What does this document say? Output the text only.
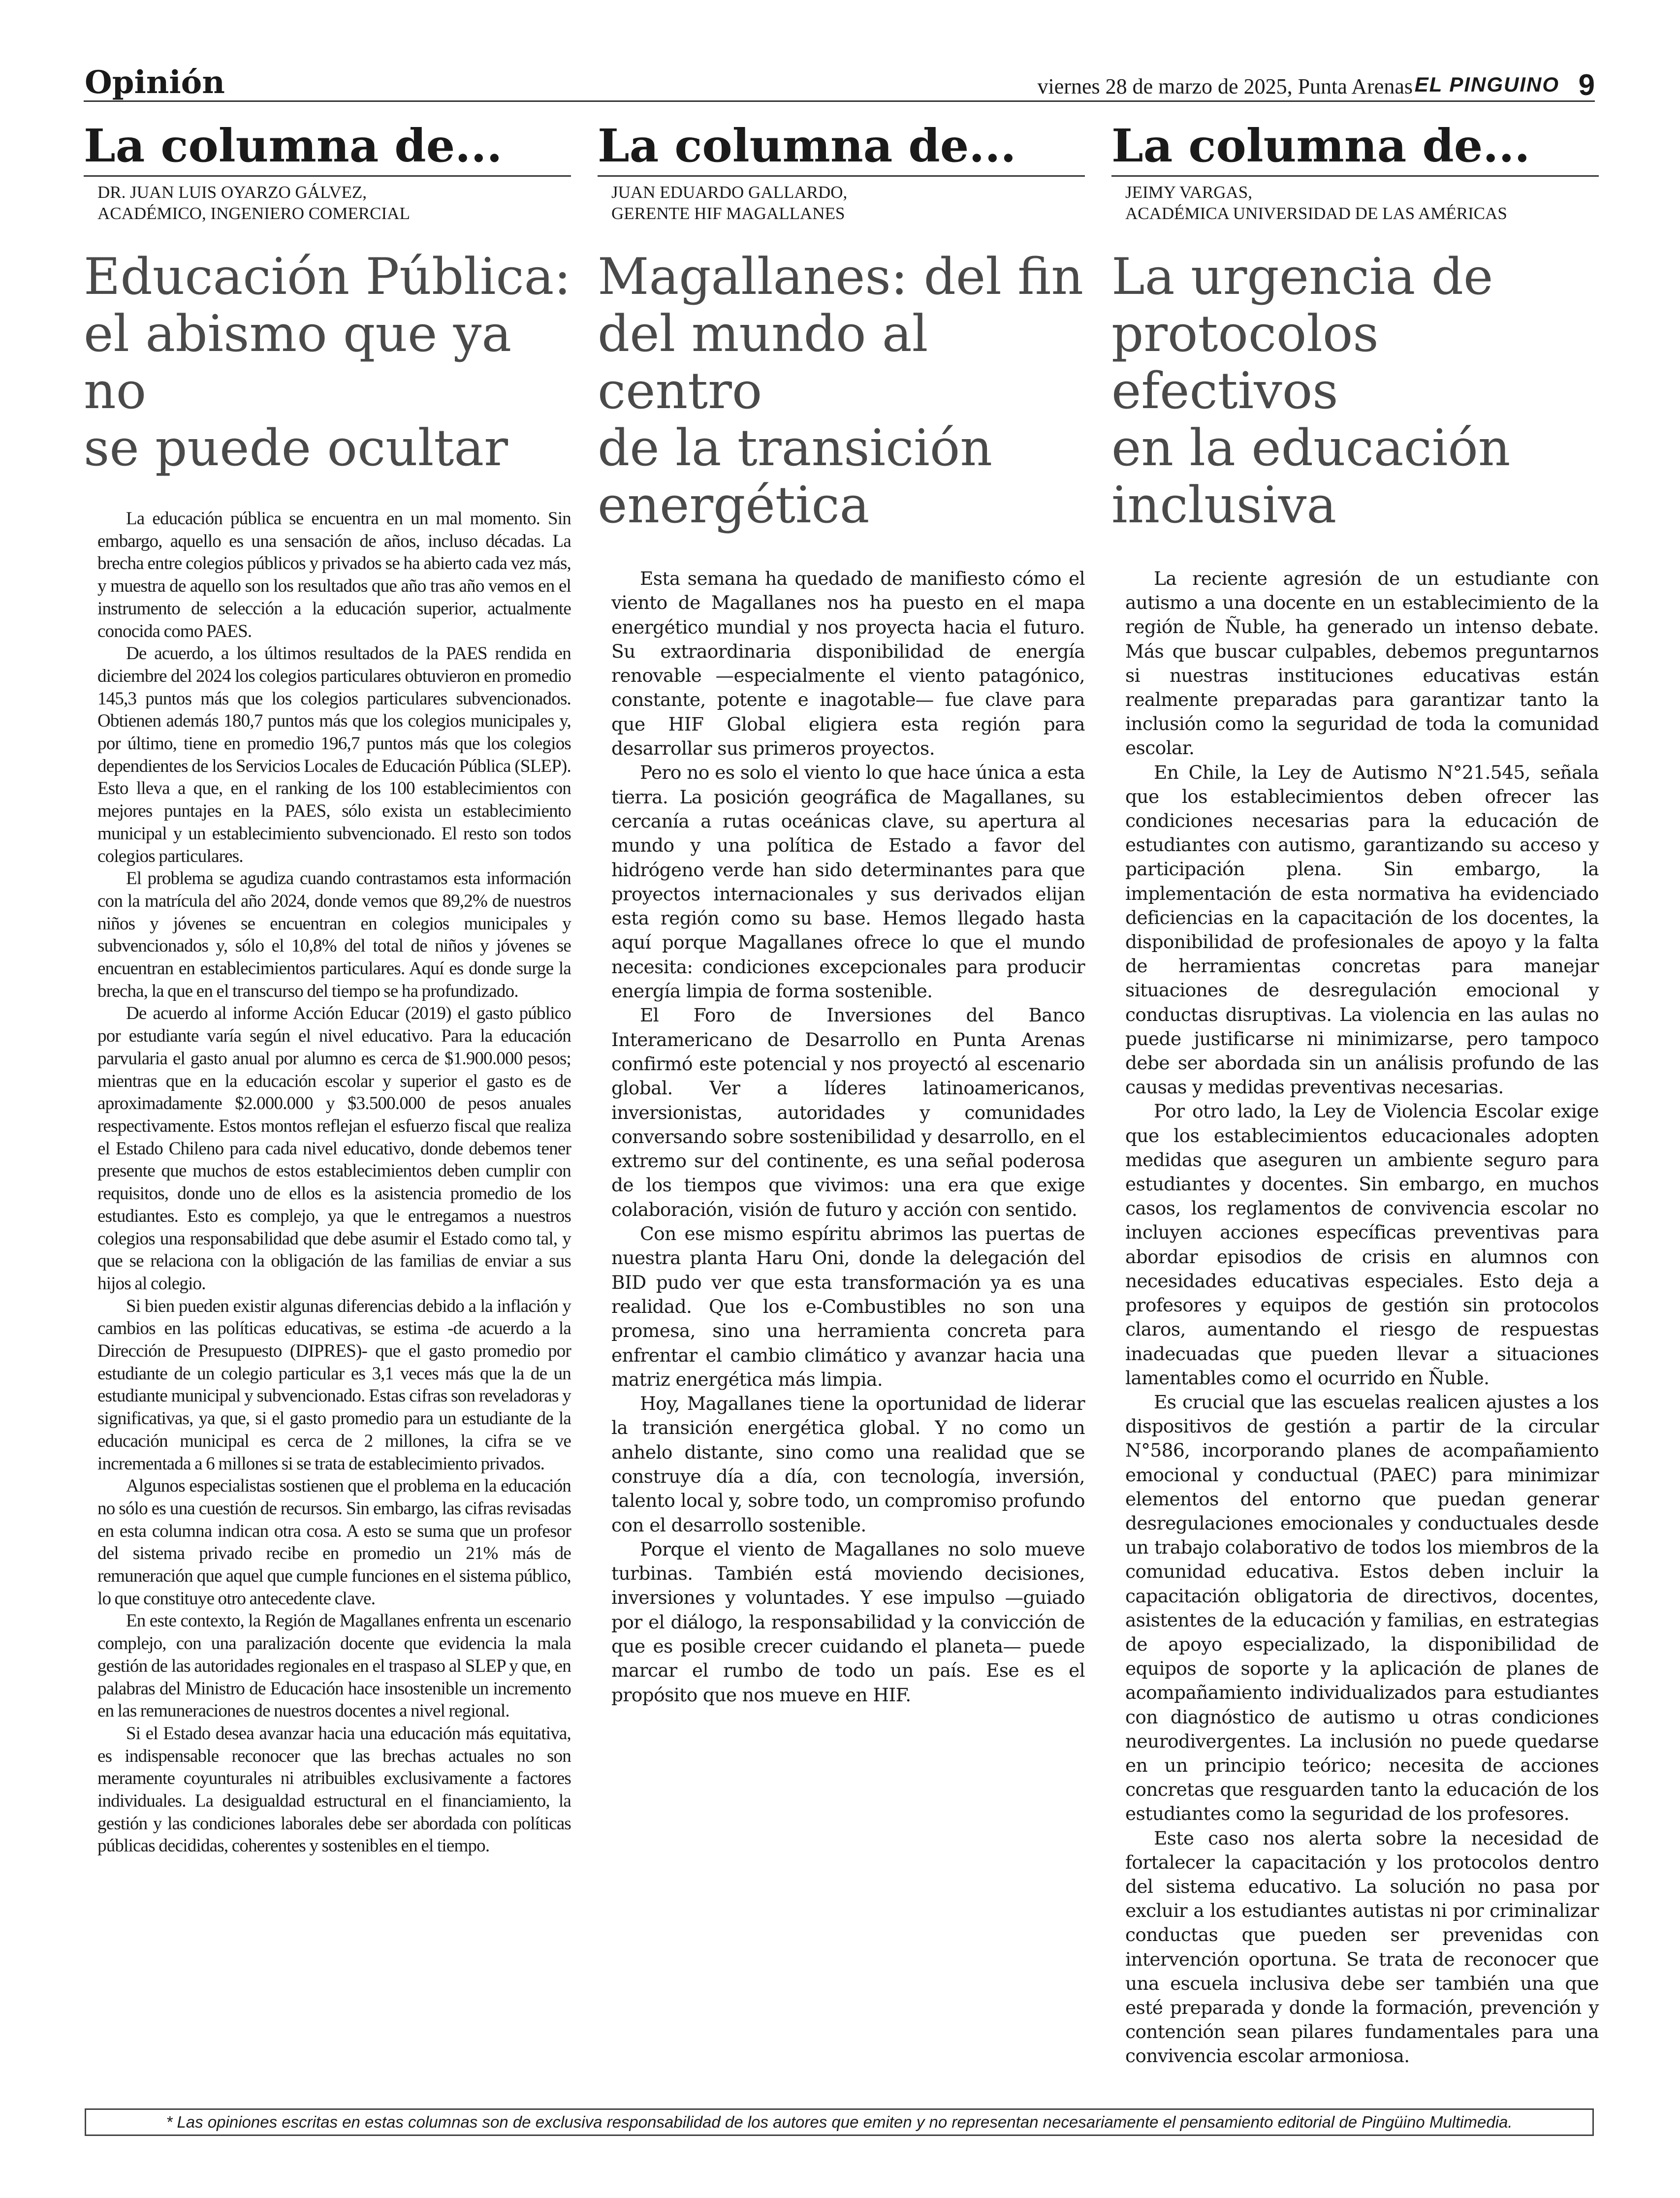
Opinión	viernes 28 de marzo de 2025, Punta Arenas EL PINGUINO 9
La columna de...
DR. JUAN LUIS OYARZO GÁLVEZ,
ACADÉMICO, INGENIERO COMERCIAL
Educación Pública:
el abismo que ya no
se puede ocultar

La educación pública se encuentra en un mal momento. Sin embargo, aquello es una sensación de años, incluso décadas. La brecha entre colegios públicos y privados se ha abierto cada vez más, y muestra de aquello son los resultados que año tras año vemos en el instrumento de selección a la educación superior, actualmente conocida como PAES.

De acuerdo, a los últimos resultados de la PAES rendida en diciembre del 2024 los colegios particulares obtuvieron en promedio 145,3 puntos más que los colegios particulares subvencionados. Obtienen además 180,7 puntos más que los colegios municipales y, por último, tiene en promedio 196,7 puntos más que los colegios dependientes de los Servicios Locales de Educación Pública (SLEP). Esto lleva a que, en el ranking de los 100 establecimientos con mejores puntajes en la PAES, sólo exista un establecimiento municipal y un establecimiento subvencionado. El resto son todos colegios particulares.

El problema se agudiza cuando contrastamos esta información con la matrícula del año 2024, donde vemos que 89,2% de nuestros niños y jóvenes se encuentran en colegios municipales y subvencionados y, sólo el 10,8% del total de niños y jóvenes se encuentran en establecimientos particulares. Aquí es donde surge la brecha, la que en el transcurso del tiempo se ha profundizado.

De acuerdo al informe Acción Educar (2019) el gasto público por estudiante varía según el nivel educativo. Para la educación parvularia el gasto anual por alumno es cerca de $1.900.000 pesos; mientras que en la educación escolar y superior el gasto es de aproximadamente $2.000.000 y $3.500.000 de pesos anuales respectivamente. Estos montos reflejan el esfuerzo fiscal que realiza el Estado Chileno para cada nivel educativo, donde debemos tener presente que muchos de estos establecimientos deben cumplir con requisitos, donde uno de ellos es la asistencia promedio de los estudiantes. Esto es complejo, ya que le entregamos a nuestros colegios una responsabilidad que debe asumir el Estado como tal, y que se relaciona con la obligación de las familias de enviar a sus hijos al colegio.

Si bien pueden existir algunas diferencias debido a la inflación y cambios en las políticas educativas, se estima -de acuerdo a la Dirección de Presupuesto (DIPRES)- que el gasto promedio por estudiante de un colegio particular es 3,1 veces más que la de un estudiante municipal y subvencionado. Estas cifras son reveladoras y significativas, ya que, si el gasto promedio para un estudiante de la educación municipal es cerca de 2 millones, la cifra se ve incrementada a 6 millones si se trata de establecimiento privados.

Algunos especialistas sostienen que el problema en la educación no sólo es una cuestión de recursos. Sin embargo, las cifras revisadas en esta columna indican otra cosa. A esto se suma que un profesor del sistema privado recibe en promedio un 21% más de remuneración que aquel que cumple funciones en el sistema público, lo que constituye otro antecedente clave.

En este contexto, la Región de Magallanes enfrenta un escenario complejo, con una paralización docente que evidencia la mala gestión de las autoridades regionales en el traspaso al SLEP y que, en palabras del Ministro de Educación hace insostenible un incremento en las remuneraciones de nuestros docentes a nivel regional.

Si el Estado desea avanzar hacia una educación más equitativa, es indispensable reconocer que las brechas actuales no son meramente coyunturales ni atribuibles exclusivamente a factores individuales. La desigualdad estructural en el financiamiento, la gestión y las condiciones laborales debe ser abordada con políticas públicas decididas, coherentes y sostenibles en el tiempo.

La columna de...
JUAN EDUARDO GALLARDO,
GERENTE HIF MAGALLANES
Magallanes: del fin
del mundo al centro
de la transición
energética

Esta semana ha quedado de manifiesto cómo el viento de Magallanes nos ha puesto en el mapa energético mundial y nos proyecta hacia el futuro. Su extraordinaria disponibilidad de energía renovable —especialmente el viento patagónico, constante, potente e inagotable— fue clave para que HIF Global eligiera esta región para desarrollar sus primeros proyectos.

Pero no es solo el viento lo que hace única a esta tierra. La posición geográfica de Magallanes, su cercanía a rutas oceánicas clave, su apertura al mundo y una política de Estado a favor del hidrógeno verde han sido determinantes para que proyectos internacionales y sus derivados elijan esta región como su base. Hemos llegado hasta aquí porque Magallanes ofrece lo que el mundo necesita: condiciones excepcionales para producir energía limpia de forma sostenible.

El Foro de Inversiones del Banco Interamericano de Desarrollo en Punta Arenas confirmó este potencial y nos proyectó al escenario global. Ver a líderes latinoamericanos, inversionistas, autoridades y comunidades conversando sobre sostenibilidad y desarrollo, en el extremo sur del continente, es una señal poderosa de los tiempos que vivimos: una era que exige colaboración, visión de futuro y acción con sentido.

Con ese mismo espíritu abrimos las puertas de nuestra planta Haru Oni, donde la delegación del BID pudo ver que esta transformación ya es una realidad. Que los e-Combustibles no son una promesa, sino una herramienta concreta para enfrentar el cambio climático y avanzar hacia una matriz energética más limpia.

Hoy, Magallanes tiene la oportunidad de liderar la transición energética global. Y no como un anhelo distante, sino como una realidad que se construye día a día, con tecnología, inversión, talento local y, sobre todo, un compromiso profundo con el desarrollo sostenible.

Porque el viento de Magallanes no solo mueve turbinas. También está moviendo decisiones, inversiones y voluntades. Y ese impulso —guiado por el diálogo, la responsabilidad y la convicción de que es posible crecer cuidando el planeta— puede marcar el rumbo de todo un país. Ese es el propósito que nos mueve en HIF.

La columna de...
JEIMY VARGAS,
ACADÉMICA UNIVERSIDAD DE LAS AMÉRICAS
La urgencia de
protocolos efectivos
en la educación
inclusiva

La reciente agresión de un estudiante con autismo a una docente en un establecimiento de la región de Ñuble, ha generado un intenso debate. Más que buscar culpables, debemos preguntarnos si nuestras instituciones educativas están realmente preparadas para garantizar tanto la inclusión como la seguridad de toda la comunidad escolar.

En Chile, la Ley de Autismo N°21.545, señala que los establecimientos deben ofrecer las condiciones necesarias para la educación de estudiantes con autismo, garantizando su acceso y participación plena. Sin embargo, la implementación de esta normativa ha evidenciado deficiencias en la capacitación de los docentes, la disponibilidad de profesionales de apoyo y la falta de herramientas concretas para manejar situaciones de desregulación emocional y conductas disruptivas. La violencia en las aulas no puede justificarse ni minimizarse, pero tampoco debe ser abordada sin un análisis profundo de las causas y medidas preventivas necesarias.

Por otro lado, la Ley de Violencia Escolar exige que los establecimientos educacionales adopten medidas que aseguren un ambiente seguro para estudiantes y docentes. Sin embargo, en muchos casos, los reglamentos de convivencia escolar no incluyen acciones específicas preventivas para abordar episodios de crisis en alumnos con necesidades educativas especiales. Esto deja a profesores y equipos de gestión sin protocolos claros, aumentando el riesgo de respuestas inadecuadas que pueden llevar a situaciones lamentables como el ocurrido en Ñuble.

Es crucial que las escuelas realicen ajustes a los dispositivos de gestión a partir de la circular N°586, incorporando planes de acompañamiento emocional y conductual (PAEC) para minimizar elementos del entorno que puedan generar desregulaciones emocionales y conductuales desde un trabajo colaborativo de todos los miembros de la comunidad educativa. Estos deben incluir la capacitación obligatoria de directivos, docentes, asistentes de la educación y familias, en estrategias de apoyo especializado, la disponibilidad de equipos de soporte y la aplicación de planes de acompañamiento individualizados para estudiantes con diagnóstico de autismo u otras condiciones neurodivergentes. La inclusión no puede quedarse en un principio teórico; necesita de acciones concretas que resguarden tanto la educación de los estudiantes como la seguridad de los profesores.

Este caso nos alerta sobre la necesidad de fortalecer la capacitación y los protocolos dentro del sistema educativo. La solución no pasa por excluir a los estudiantes autistas ni por criminalizar conductas que pueden ser prevenidas con intervención oportuna. Se trata de reconocer que una escuela inclusiva debe ser también una que esté preparada y donde la formación, prevención y contención sean pilares fundamentales para una convivencia escolar armoniosa.

* Las opiniones escritas en estas columnas son de exclusiva responsabilidad de los autores que emiten y no representan necesariamente el pensamiento editorial de Pingüino Multimedia.
